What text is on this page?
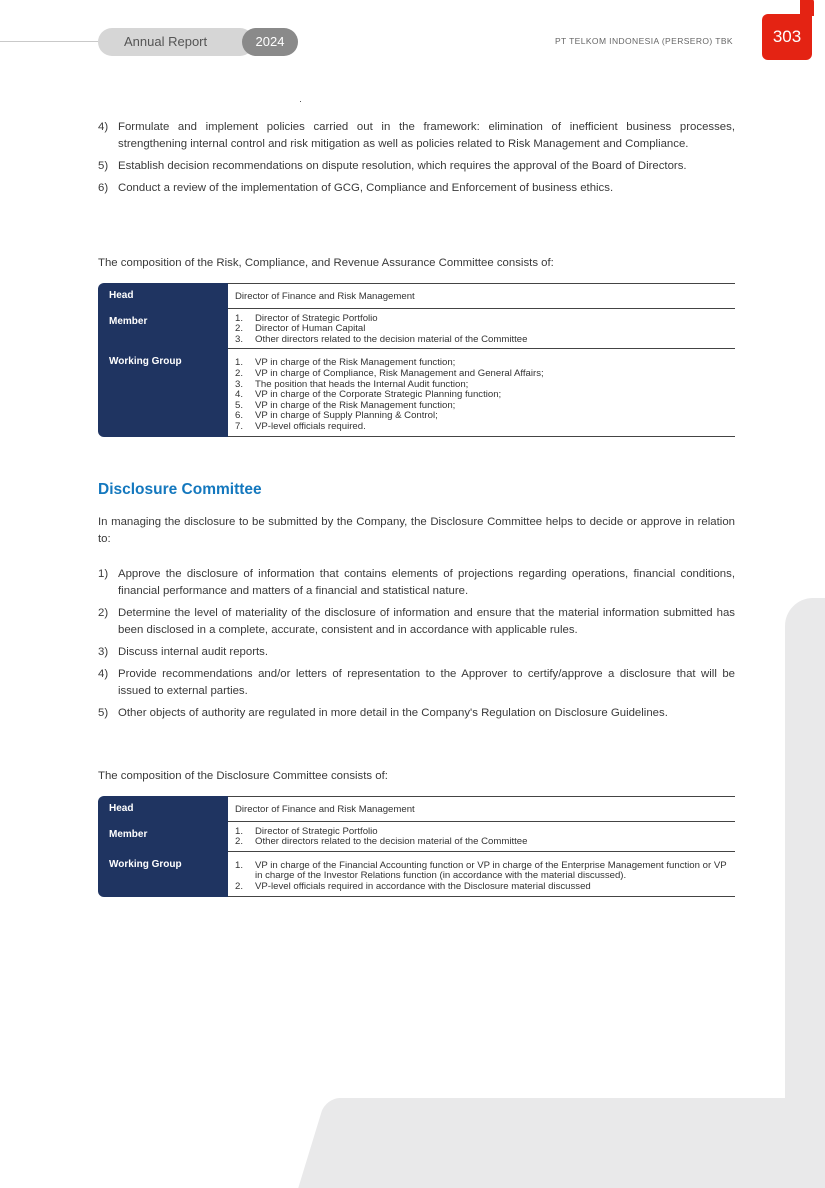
Annual Report	2024	PT TELKOM INDONESIA (PERSERO) TBK	303
4) Formulate and implement policies carried out in the framework: elimination of inefficient business processes, strengthening internal control and risk mitigation as well as policies related to Risk Management and Compliance.
5) Establish decision recommendations on dispute resolution, which requires the approval of the Board of Directors.
6) Conduct a review of the implementation of GCG, Compliance and Enforcement of business ethics.

The composition of the Risk, Compliance, and Revenue Assurance Committee consists of:

Head	Director of Finance and Risk Management
Member	1. Director of Strategic Portfolio
2. Director of Human Capital
3. Other directors related to the decision material of the Committee
Working Group	1. VP in charge of the Risk Management function;
2. VP in charge of Compliance, Risk Management and General Affairs;
3. The position that heads the Internal Audit function;
4. VP in charge of the Corporate Strategic Planning function;
5. VP in charge of the Risk Management function;
6. VP in charge of Supply Planning & Control;
7. VP-level officials required.
Disclosure Committee

In managing the disclosure to be submitted by the Company, the Disclosure Committee helps to decide or approve in relation to:

1) Approve the disclosure of information that contains elements of projections regarding operations, financial conditions, financial performance and matters of a financial and statistical nature.
2) Determine the level of materiality of the disclosure of information and ensure that the material information submitted has been disclosed in a complete, accurate, consistent and in accordance with applicable rules.
3) Discuss internal audit reports.
4) Provide recommendations and/or letters of representation to the Approver to certify/approve a disclosure that will be issued to external parties.
5) Other objects of authority are regulated in more detail in the Company's Regulation on Disclosure Guidelines.

The composition of the Disclosure Committee consists of:

Head	Director of Finance and Risk Management
Member	1. Director of Strategic Portfolio
2. Other directors related to the decision material of the Committee
Working Group	1. VP in charge of the Financial Accounting function or VP in charge of the Enterprise Management function or VP in charge of the Investor Relations function (in accordance with the material discussed).
2. VP-level officials required in accordance with the Disclosure material discussed
